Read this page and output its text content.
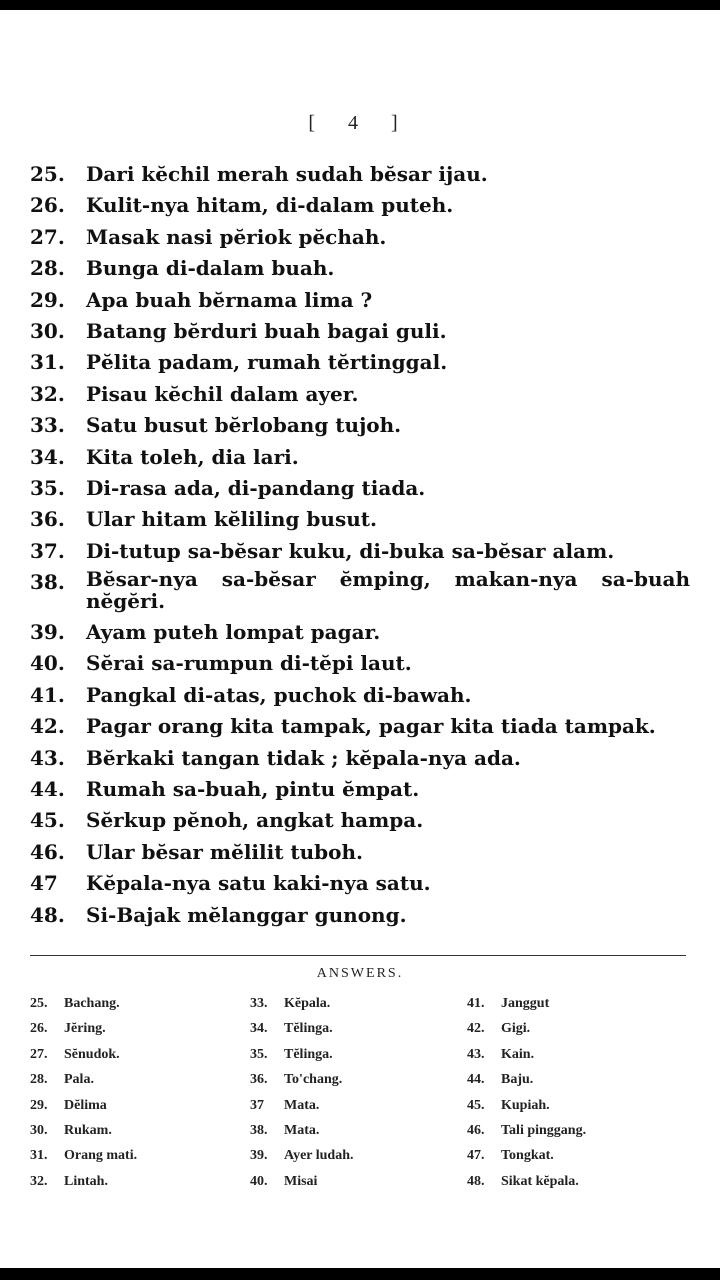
[ 4 ]
25.	Dari kĕchil merah sudah bĕsar ijau.
26.	Kulit-nya hitam, di-dalam puteh.
27.	Masak nasi pĕriok pĕchah.
28.	Bunga di-dalam buah.
29.	Apa buah bĕrnama lima ?
30.	Batang bĕrduri buah bagai guli.
31.	Pĕlita padam, rumah tĕrtinggal.
32.	Pisau kĕchil dalam ayer.
33.	Satu busut bĕrlobang tujoh.
34.	Kita toleh, dia lari.
35.	Di-rasa ada, di-pandang tiada.
36.	Ular hitam kĕliling busut.
37.	Di-tutup sa-bĕsar kuku, di-buka sa-bĕsar alam.
38.	Bĕsar-nya sa-bĕsar ĕmping, makan-nya sa-buah nĕgĕri.
39.	Ayam puteh lompat pagar.
40.	Sĕrai sa-rumpun di-tĕpi laut.
41.	Pangkal di-atas, puchok di-bawah.
42.	Pagar orang kita tampak, pagar kita tiada tampak.
43.	Bĕrkaki tangan tidak ; kĕpala-nya ada.
44.	Rumah sa-buah, pintu ĕmpat.
45.	Sĕrkup pĕnoh, angkat hampa.
46.	Ular bĕsar mĕlilit tuboh.
47	Kĕpala-nya satu kaki-nya satu.
48.	Si-Bajak mĕlanggar gunong.
ANSWERS.
25. Bachang.
26. Jĕring.
27. Sĕnudok.
28. Pala.
29. Dĕlima
30. Rukam.
31. Orang mati.
32. Lintah.
33. Kĕpala.
34. Tĕlinga.
35. Tĕlinga.
36. To'chang.
37 Mata.
38. Mata.
39. Ayer ludah.
40. Misai
41. Janggut
42. Gigi.
43. Kain.
44. Baju.
45. Kupiah.
46. Tali pinggang.
47. Tongkat.
48. Sikat kĕpala.
